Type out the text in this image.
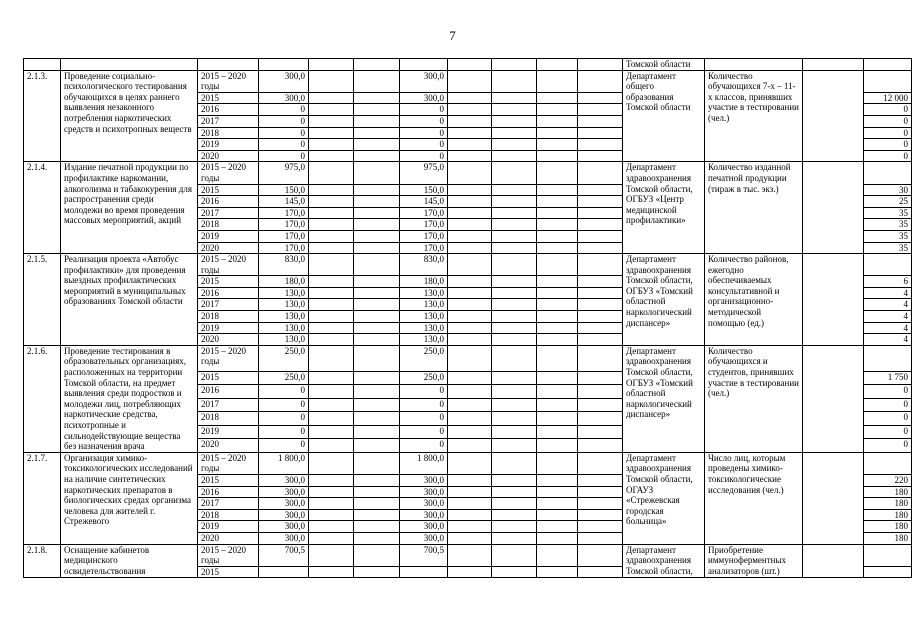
7
											Томской области			
2.1.3.	Проведение социально-психологического тестирования обучающихся в целях раннего выявления незаконного потребления наркотических средств и психотропных веществ	2015 – 2020 годы	300,0			300,0					Департамент общего образования Томской области	Количество обучающихся 7-х – 11-х классов, принявших участие в тестировании (чел.)		
		2015	300,0			300,0								12 000
		2016	0			0								0
		2017	0			0								0
		2018	0			0								0
		2019	0			0								0
		2020	0			0								0
2.1.4.	Издание печатной продукции по профилактике наркомании, алкоголизма и табакокурения для распространения среди молодежи во время проведения массовых мероприятий, акций	2015 – 2020 годы	975,0			975,0					Департамент здравоохранения Томской области, ОГБУЗ «Центр медицинской профилактики»	Количество изданной печатной продукции (тираж в тыс. экз.)		
		2015	150,0			150,0								30
		2016	145,0			145,0								25
		2017	170,0			170,0								35
		2018	170,0			170,0								35
		2019	170,0			170,0								35
		2020	170,0			170,0								35
2.1.5.	Реализация проекта «Автобус профилактики» для проведения выездных профилактических мероприятий в муниципальных образованиях Томской области	2015 – 2020 годы	830,0			830,0					Департамент здравоохранения Томской области, ОГБУЗ «Томский областной наркологический диспансер»	Количество районов, ежегодно обеспечиваемых консультативной и организационно-методической помощью (ед.)		
		2015	180,0			180,0								6
		2016	130,0			130,0								4
		2017	130,0			130,0								4
		2018	130,0			130,0								4
		2019	130,0			130,0								4
		2020	130,0			130,0								4
2.1.6.	Проведение тестирования в образовательных организациях, расположенных на территории Томской области, на предмет выявления среди подростков и молодежи лиц, потребляющих наркотические средства, психотропные и сильнодействующие вещества без назначения врача	2015 – 2020 годы	250,0			250,0					Департамент здравоохранения Томской области, ОГБУЗ «Томский областной наркологический диспансер»	Количество обучающихся и студентов, принявших участие в тестировании (чел.)		
		2015	250,0			250,0								1 750
		2016	0			0								0
		2017	0			0								0
		2018	0			0								0
		2019	0			0								0
		2020	0			0								0
2.1.7.	Организация химико-токсикологических исследований на наличие синтетических наркотических препаратов в биологических средах организма человека для жителей г. Стрежевого	2015 – 2020 годы	1 800,0			1 800,0					Департамент здравоохранения Томской области, ОГАУЗ «Стрежевская городская больница»	Число лиц, которым проведены химико-токсикологические исследования (чел.)		
		2015	300,0			300,0								220
		2016	300,0			300,0								180
		2017	300,0			300,0								180
		2018	300,0			300,0								180
		2019	300,0			300,0								180
		2020	300,0			300,0								180
2.1.8.	Оснащение кабинетов медицинского освидетельствования	2015 – 2020 годы	700,5			700,5					Департамент здравоохранения Томской области,	Приобретение иммуноферментных анализаторов (шт.)		
		2015												
